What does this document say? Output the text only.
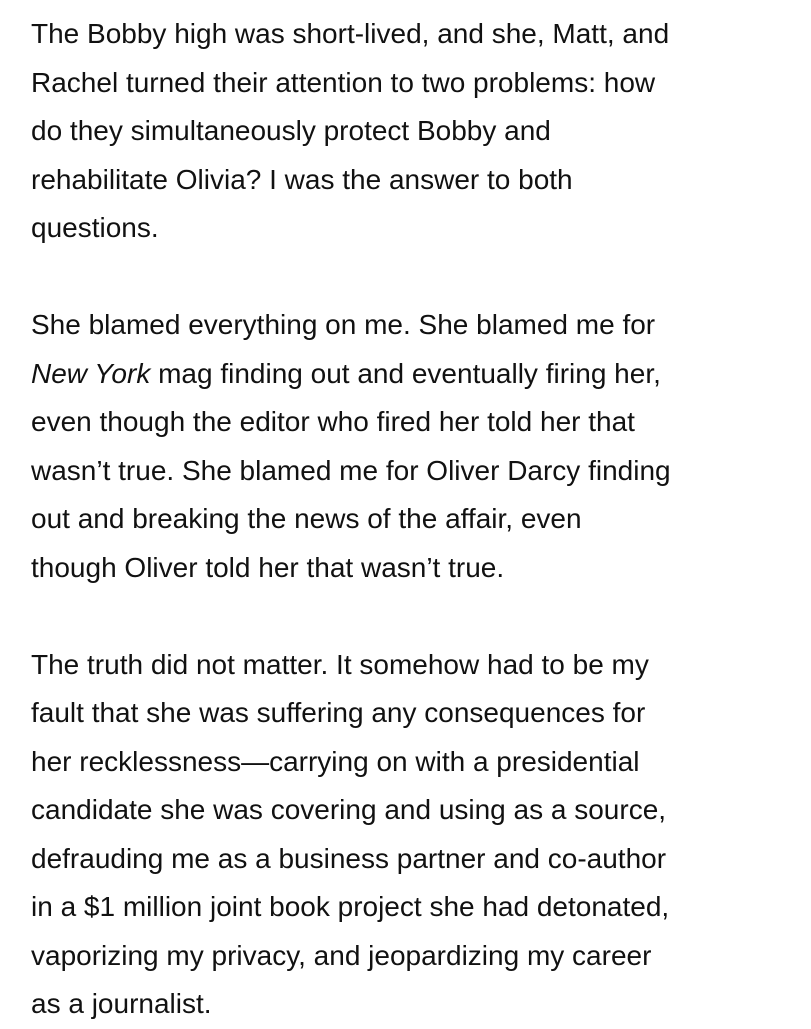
The Bobby high was short-lived, and she, Matt, and
Rachel turned their attention to two problems: how
do they simultaneously protect Bobby and
rehabilitate Olivia? I was the answer to both
questions.

She blamed everything on me. She blamed me for
New York mag finding out and eventually firing her,
even though the editor who fired her told her that
wasn’t true. She blamed me for Oliver Darcy finding
out and breaking the news of the affair, even
though Oliver told her that wasn’t true.

The truth did not matter. It somehow had to be my
fault that she was suffering any consequences for
her recklessness—carrying on with a presidential
candidate she was covering and using as a source,
defrauding me as a business partner and co-author
in a $1 million joint book project she had detonated,
vaporizing my privacy, and jeopardizing my career
as a journalist.
